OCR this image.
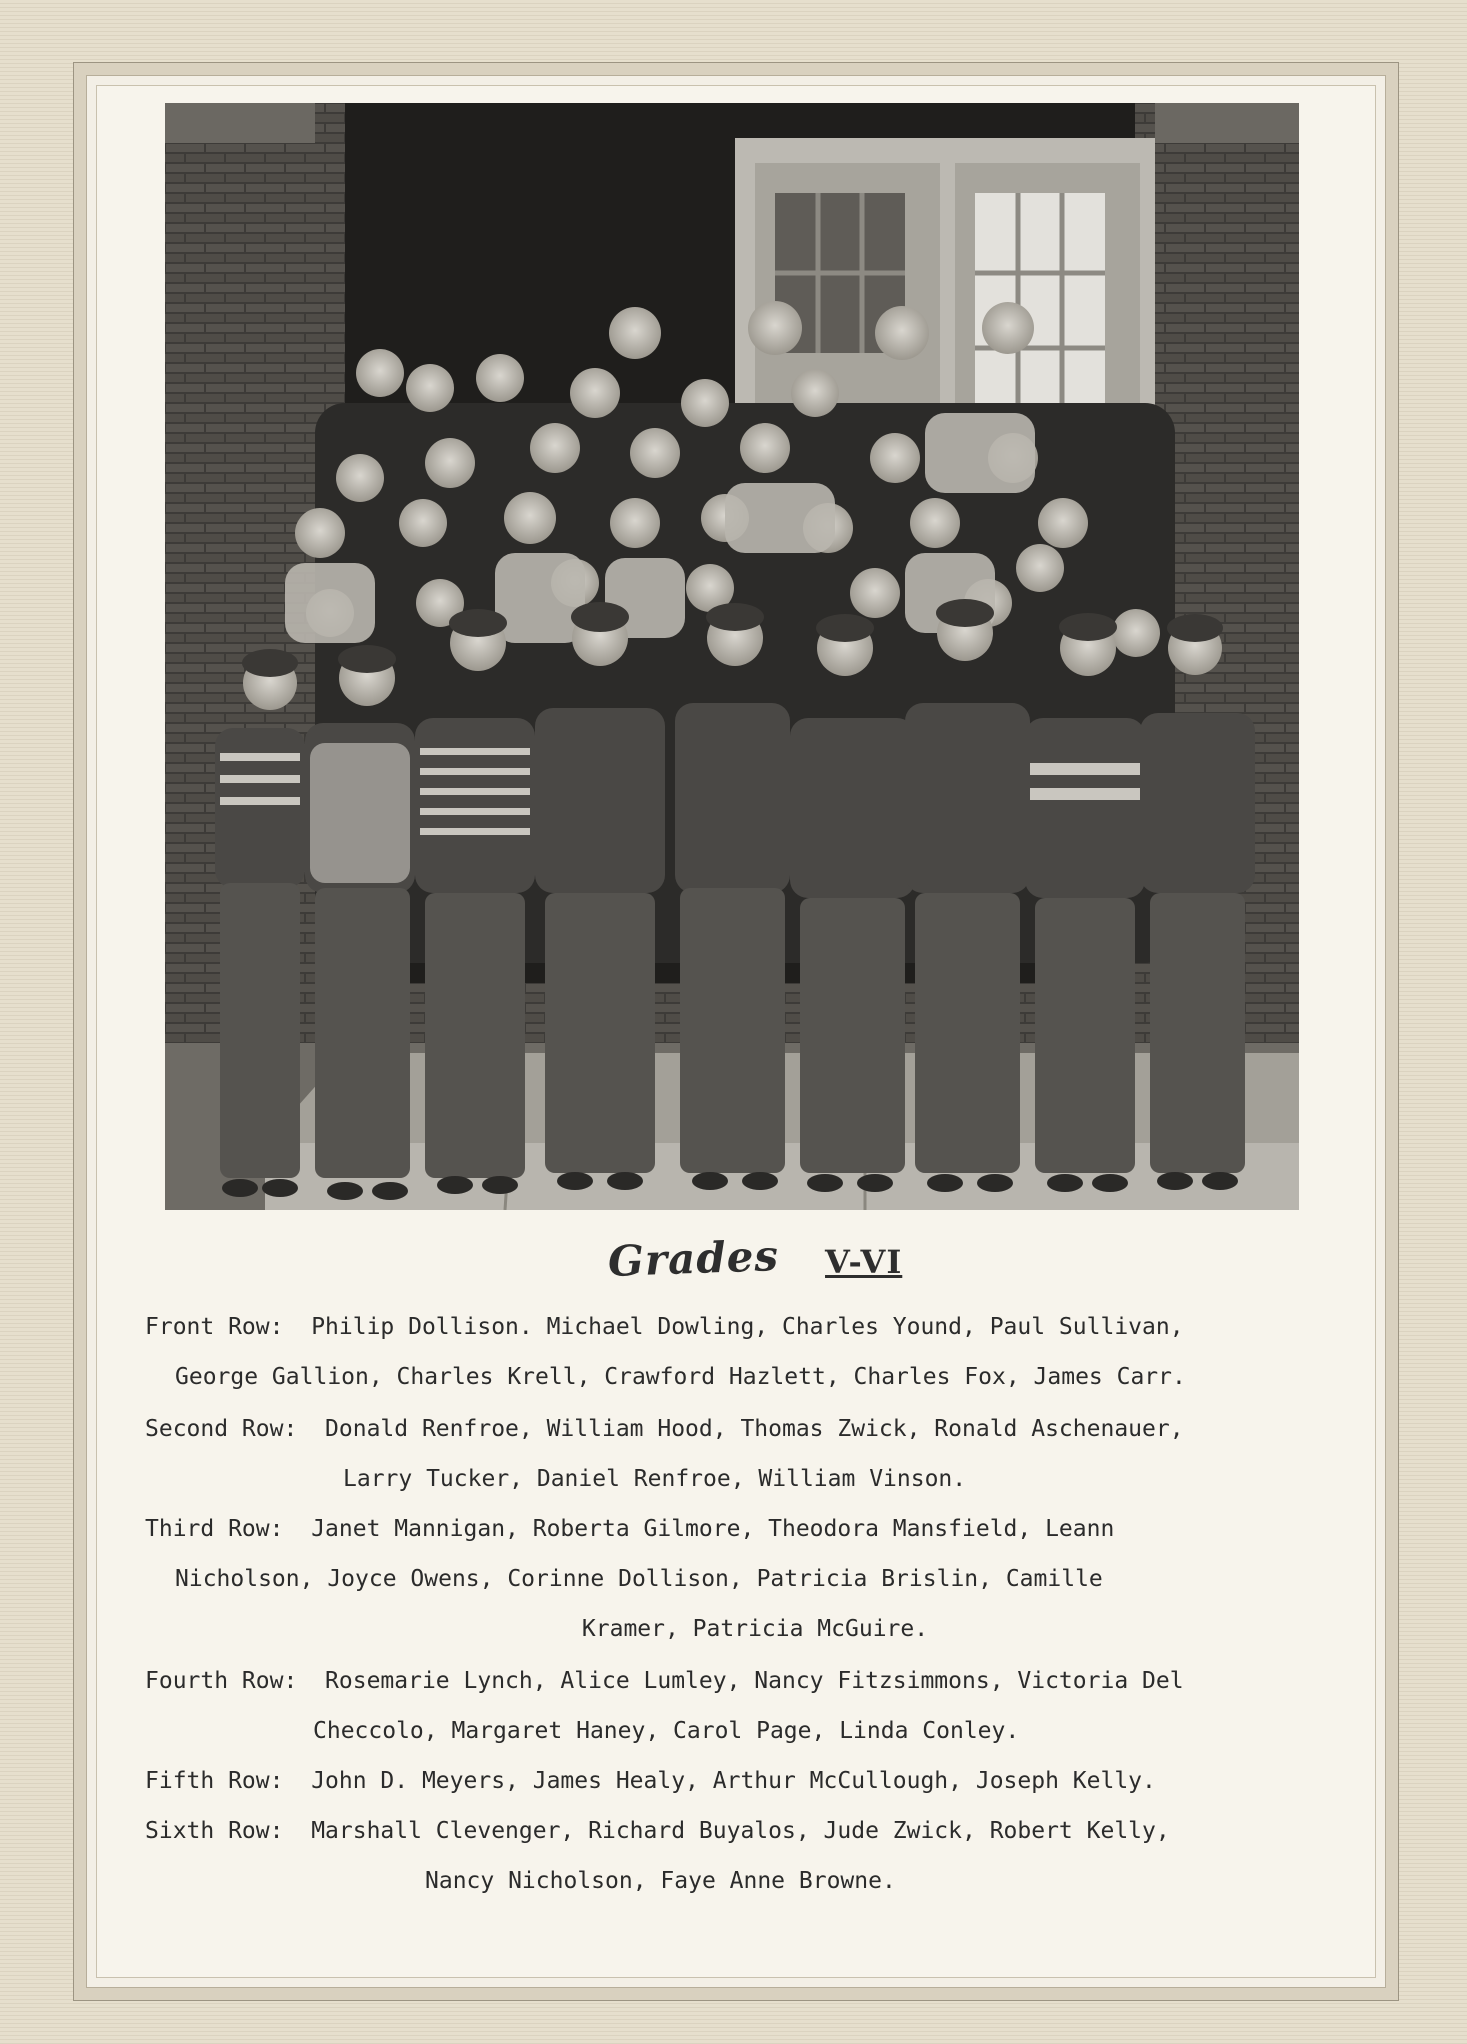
Grades V-VI
Front Row: Philip Dollison. Michael Dowling, Charles Yound, Paul Sullivan,
George Gallion, Charles Krell, Crawford Hazlett, Charles Fox, James Carr.
Second Row: Donald Renfroe, William Hood, Thomas Zwick, Ronald Aschenauer,
Larry Tucker, Daniel Renfroe, William Vinson.
Third Row: Janet Mannigan, Roberta Gilmore, Theodora Mansfield, Leann
Nicholson, Joyce Owens, Corinne Dollison, Patricia Brislin, Camille
Kramer, Patricia McGuire.
Fourth Row: Rosemarie Lynch, Alice Lumley, Nancy Fitzsimmons, Victoria Del
Checcolo, Margaret Haney, Carol Page, Linda Conley.
Fifth Row: John D. Meyers, James Healy, Arthur McCullough, Joseph Kelly.
Sixth Row: Marshall Clevenger, Richard Buyalos, Jude Zwick, Robert Kelly,
Nancy Nicholson, Faye Anne Browne.
